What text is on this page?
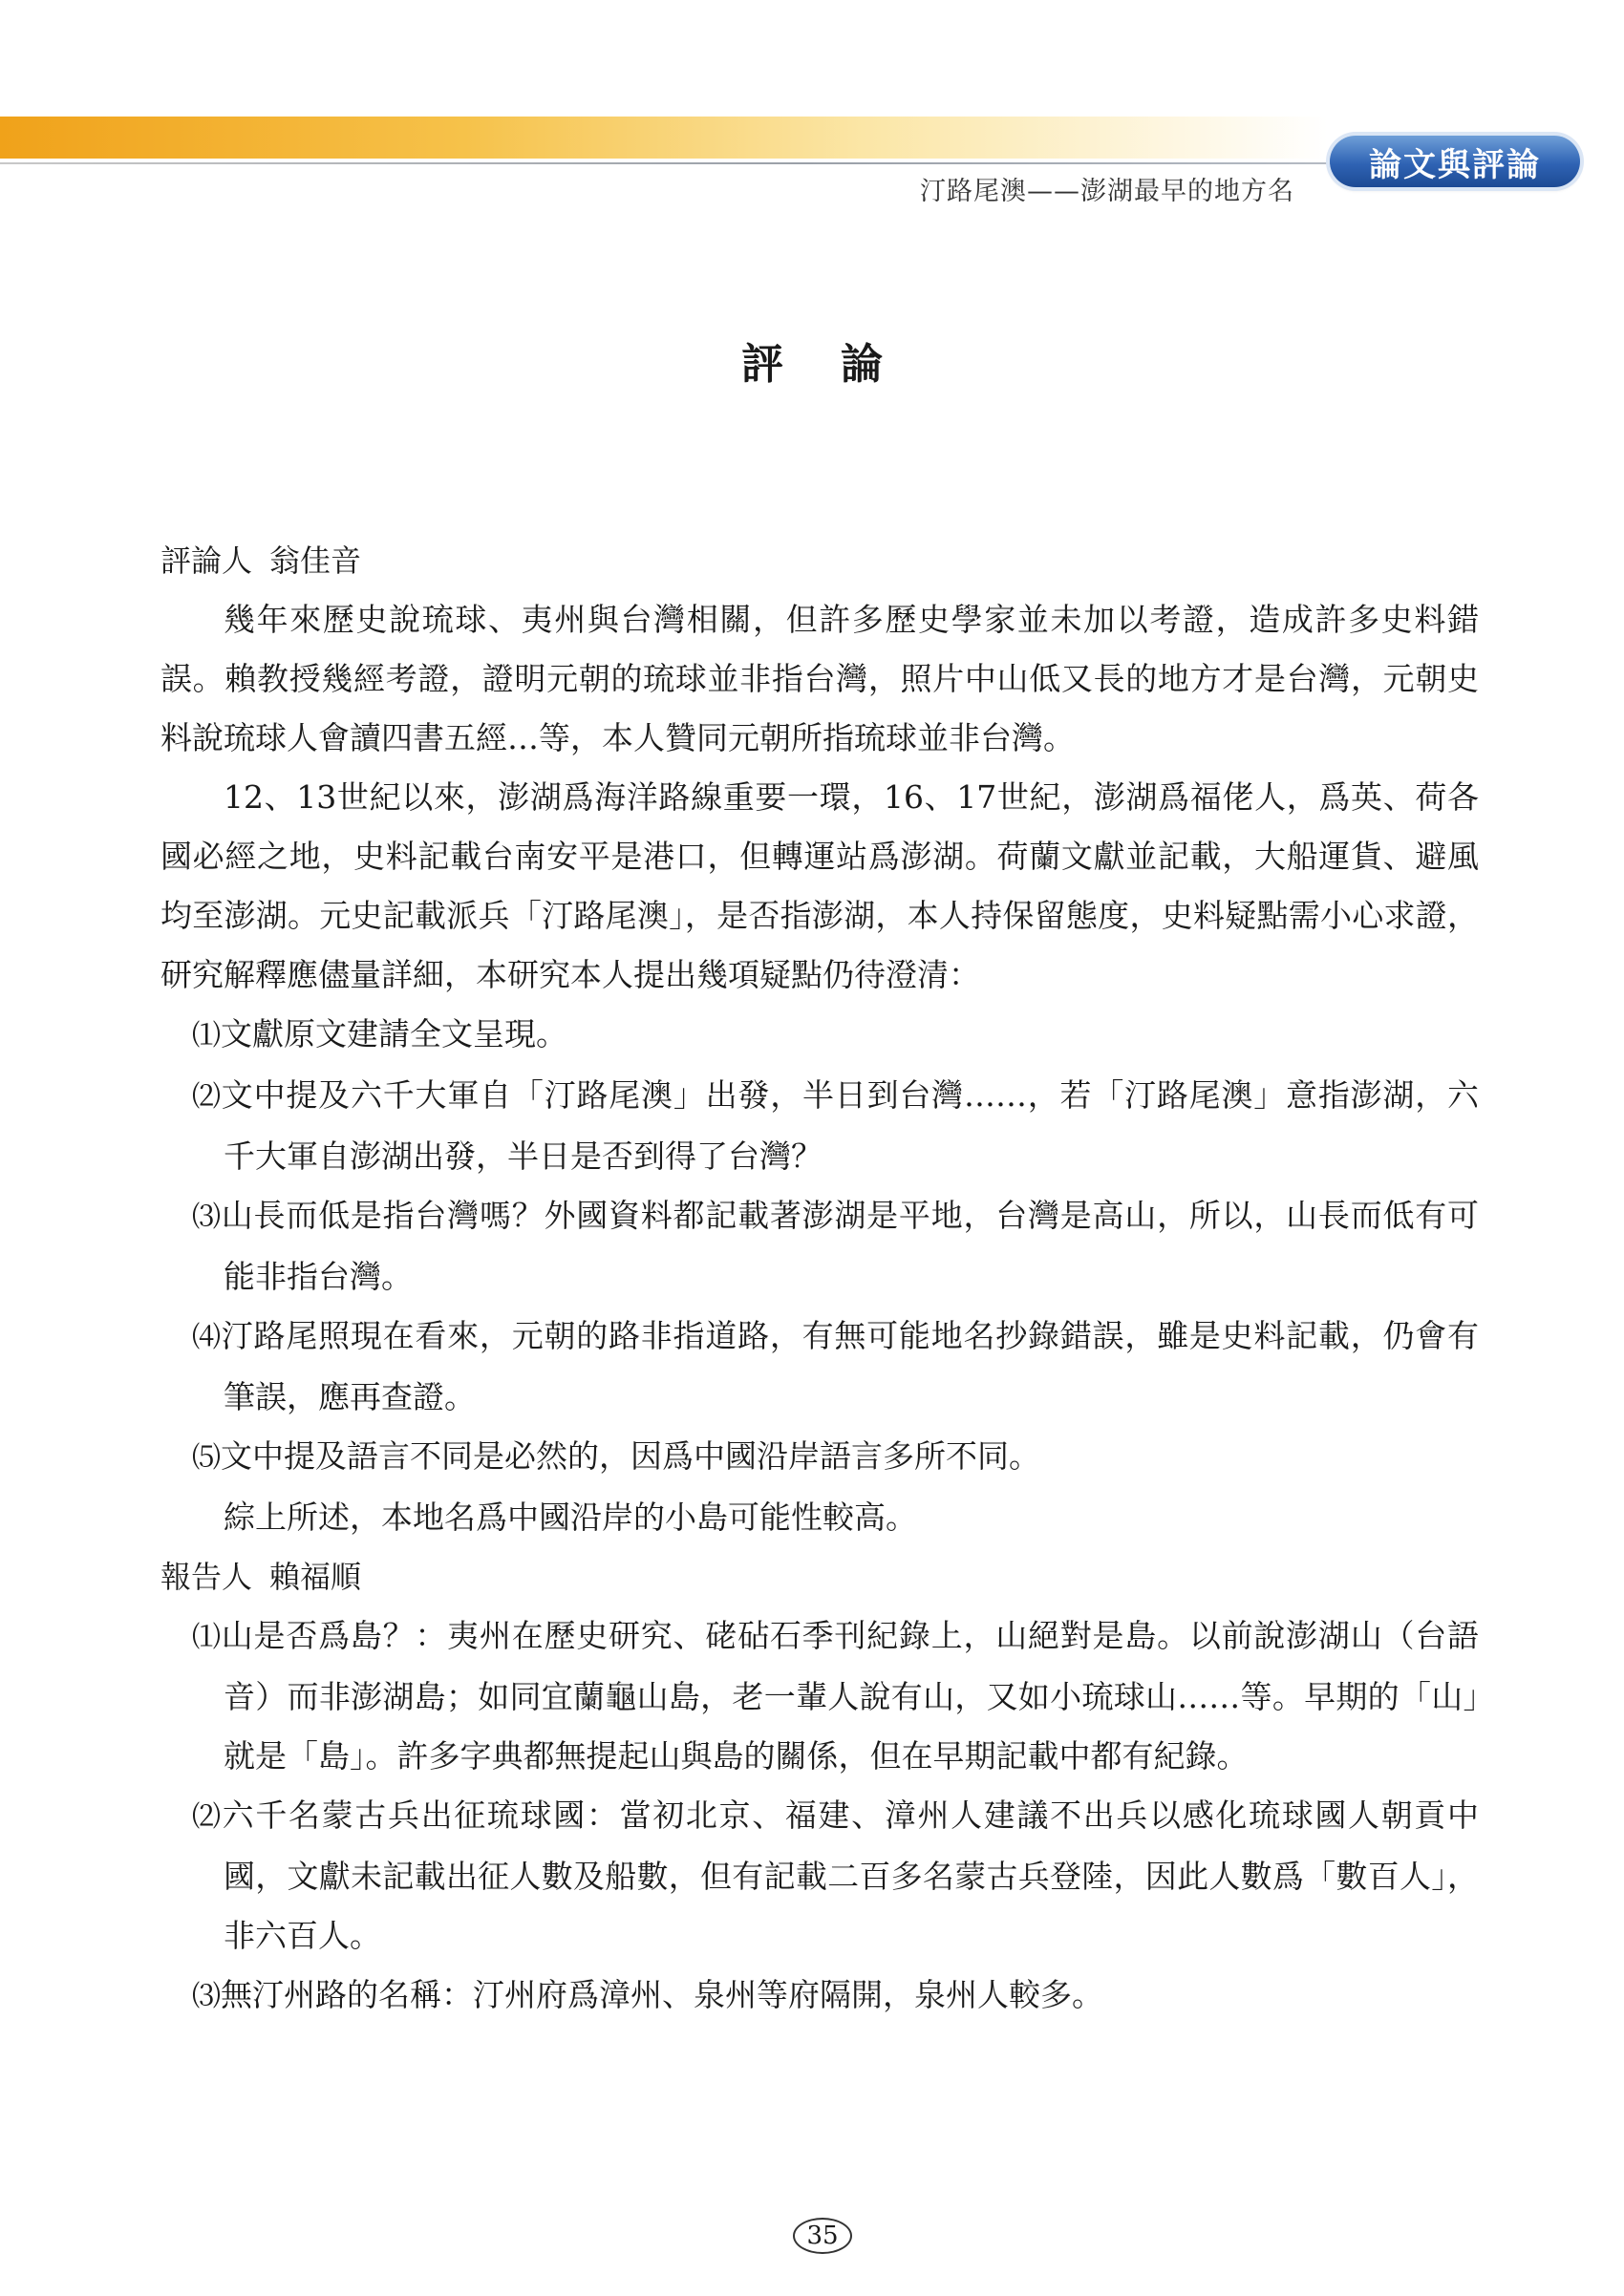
論文與評論
汀路尾澳——澎湖最早的地方名
評論
評論人 翁佳音

幾年來歷史說琉球、夷州與台灣相關，但許多歷史學家並未加以考證，造成許多史料錯誤。賴教授幾經考證，證明元朝的琉球並非指台灣，照片中山低又長的地方才是台灣，元朝史料說琉球人會讀四書五經…等，本人贊同元朝所指琉球並非台灣。

12、13世紀以來，澎湖爲海洋路線重要一環，16、17世紀，澎湖爲福佬人，爲英、荷各國必經之地，史料記載台南安平是港口，但轉運站爲澎湖。荷蘭文獻並記載，大船運貨、避風均至澎湖。元史記載派兵「汀路尾澳」，是否指澎湖，本人持保留態度，史料疑點需小心求證，研究解釋應儘量詳細，本研究本人提出幾項疑點仍待澄清：

⑴文獻原文建請全文呈現。

⑵文中提及六千大軍自「汀路尾澳」出發，半日到台灣……，若「汀路尾澳」意指澎湖，六千大軍自澎湖出發，半日是否到得了台灣？

⑶山長而低是指台灣嗎？外國資料都記載著澎湖是平地，台灣是高山，所以，山長而低有可能非指台灣。

⑷汀路尾照現在看來，元朝的路非指道路，有無可能地名抄錄錯誤，雖是史料記載，仍會有筆誤，應再查證。

⑸文中提及語言不同是必然的，因爲中國沿岸語言多所不同。

綜上所述，本地名爲中國沿岸的小島可能性較高。

報告人 賴福順

⑴山是否爲島？：夷州在歷史研究、硓砧石季刊紀錄上，山絕對是島。以前說澎湖山（台語音）而非澎湖島；如同宜蘭龜山島，老一輩人說有山，又如小琉球山……等。早期的「山」就是「島」。許多字典都無提起山與島的關係，但在早期記載中都有紀錄。

⑵六千名蒙古兵出征琉球國：當初北京、福建、漳州人建議不出兵以感化琉球國人朝貢中國，文獻未記載出征人數及船數，但有記載二百多名蒙古兵登陸，因此人數爲「數百人」，非六百人。

⑶無汀州路的名稱：汀州府爲漳州、泉州等府隔開，泉州人較多。

35
